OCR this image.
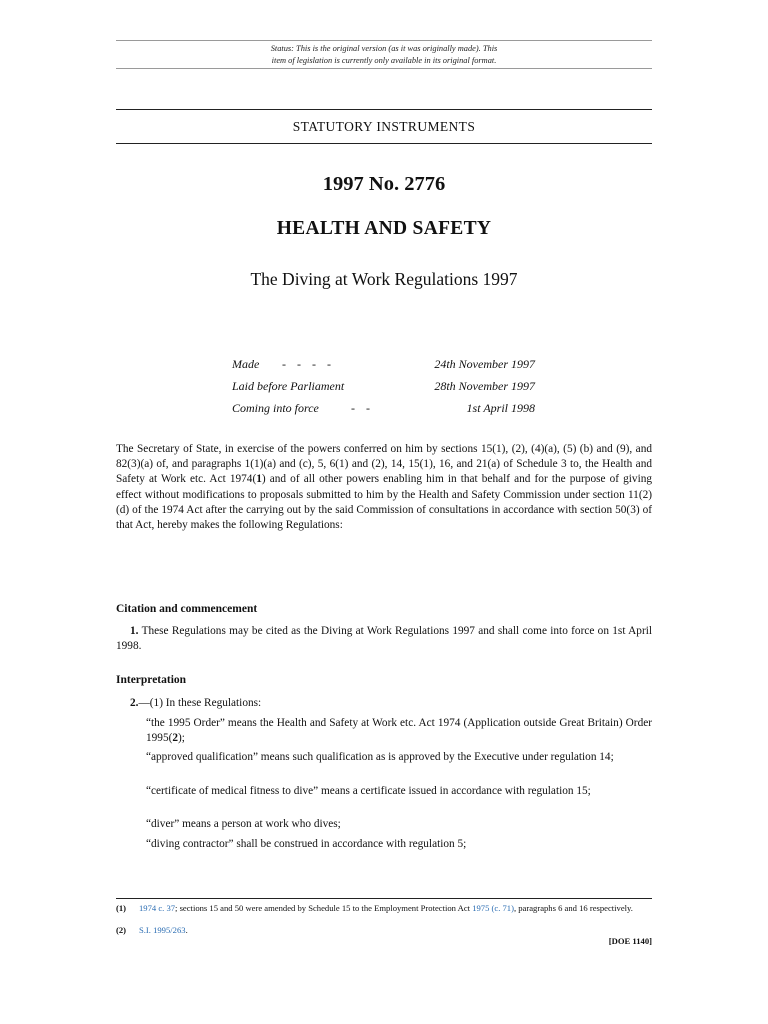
Status: This is the original version (as it was originally made). This
item of legislation is currently only available in its original format.
STATUTORY INSTRUMENTS
1997 No. 2776
HEALTH AND SAFETY
The Diving at Work Regulations 1997
Made - - - -	24th November 1997
Laid before Parliament	28th November 1997
Coming into force	- -	1st April 1998
The Secretary of State, in exercise of the powers conferred on him by sections 15(1), (2), (4)(a), (5) (b) and (9), and 82(3)(a) of, and paragraphs 1(1)(a) and (c), 5, 6(1) and (2), 14, 15(1), 16, and 21(a) of Schedule 3 to, the Health and Safety at Work etc. Act 1974(1) and of all other powers enabling him in that behalf and for the purpose of giving effect without modifications to proposals submitted to him by the Health and Safety Commission under section 11(2)(d) of the 1974 Act after the carrying out by the said Commission of consultations in accordance with section 50(3) of that Act, hereby makes the following Regulations:
Citation and commencement
1. These Regulations may be cited as the Diving at Work Regulations 1997 and shall come into force on 1st April 1998.
Interpretation
2.—(1) In these Regulations:
“the 1995 Order” means the Health and Safety at Work etc. Act 1974 (Application outside Great Britain) Order 1995(2);
“approved qualification” means such qualification as is approved by the Executive under regulation 14;
“certificate of medical fitness to dive” means a certificate issued in accordance with regulation 15;
“diver” means a person at work who dives;
“diving contractor” shall be construed in accordance with regulation 5;
(1) 1974 c. 37; sections 15 and 50 were amended by Schedule 15 to the Employment Protection Act 1975 (c. 71), paragraphs 6 and 16 respectively.
(2) S.I. 1995/263.
[DOE 1140]
